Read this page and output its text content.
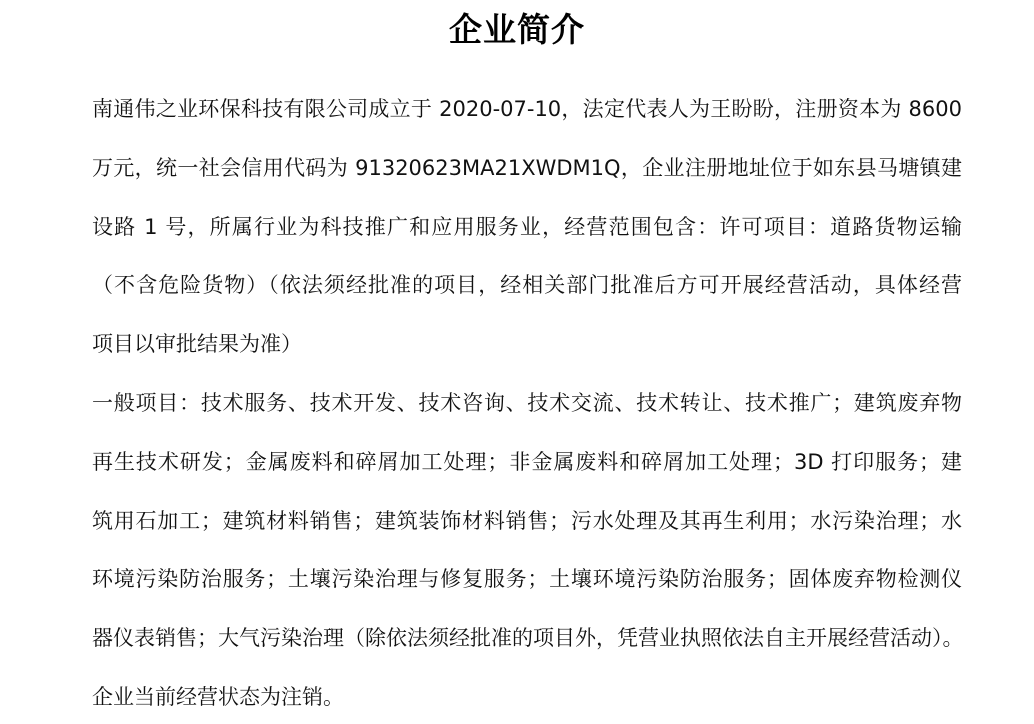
企业简介
南通伟之业环保科技有限公司成立于 2020-07-10，法定代表人为王盼盼，注册资本为 8600
万元，统一社会信用代码为 91320623MA21XWDM1Q，企业注册地址位于如东县马塘镇建
设路 1 号，所属行业为科技推广和应用服务业，经营范围包含：许可项目：道路货物运输
（不含危险货物）（依法须经批准的项目，经相关部门批准后方可开展经营活动，具体经营
项目以审批结果为准）
一般项目：技术服务、技术开发、技术咨询、技术交流、技术转让、技术推广；建筑废弃物
再生技术研发；金属废料和碎屑加工处理；非金属废料和碎屑加工处理；3D 打印服务；建
筑用石加工；建筑材料销售；建筑装饰材料销售；污水处理及其再生利用；水污染治理；水
环境污染防治服务；土壤污染治理与修复服务；土壤环境污染防治服务；固体废弃物检测仪
器仪表销售；大气污染治理（除依法须经批准的项目外，凭营业执照依法自主开展经营活动）。
企业当前经营状态为注销。
